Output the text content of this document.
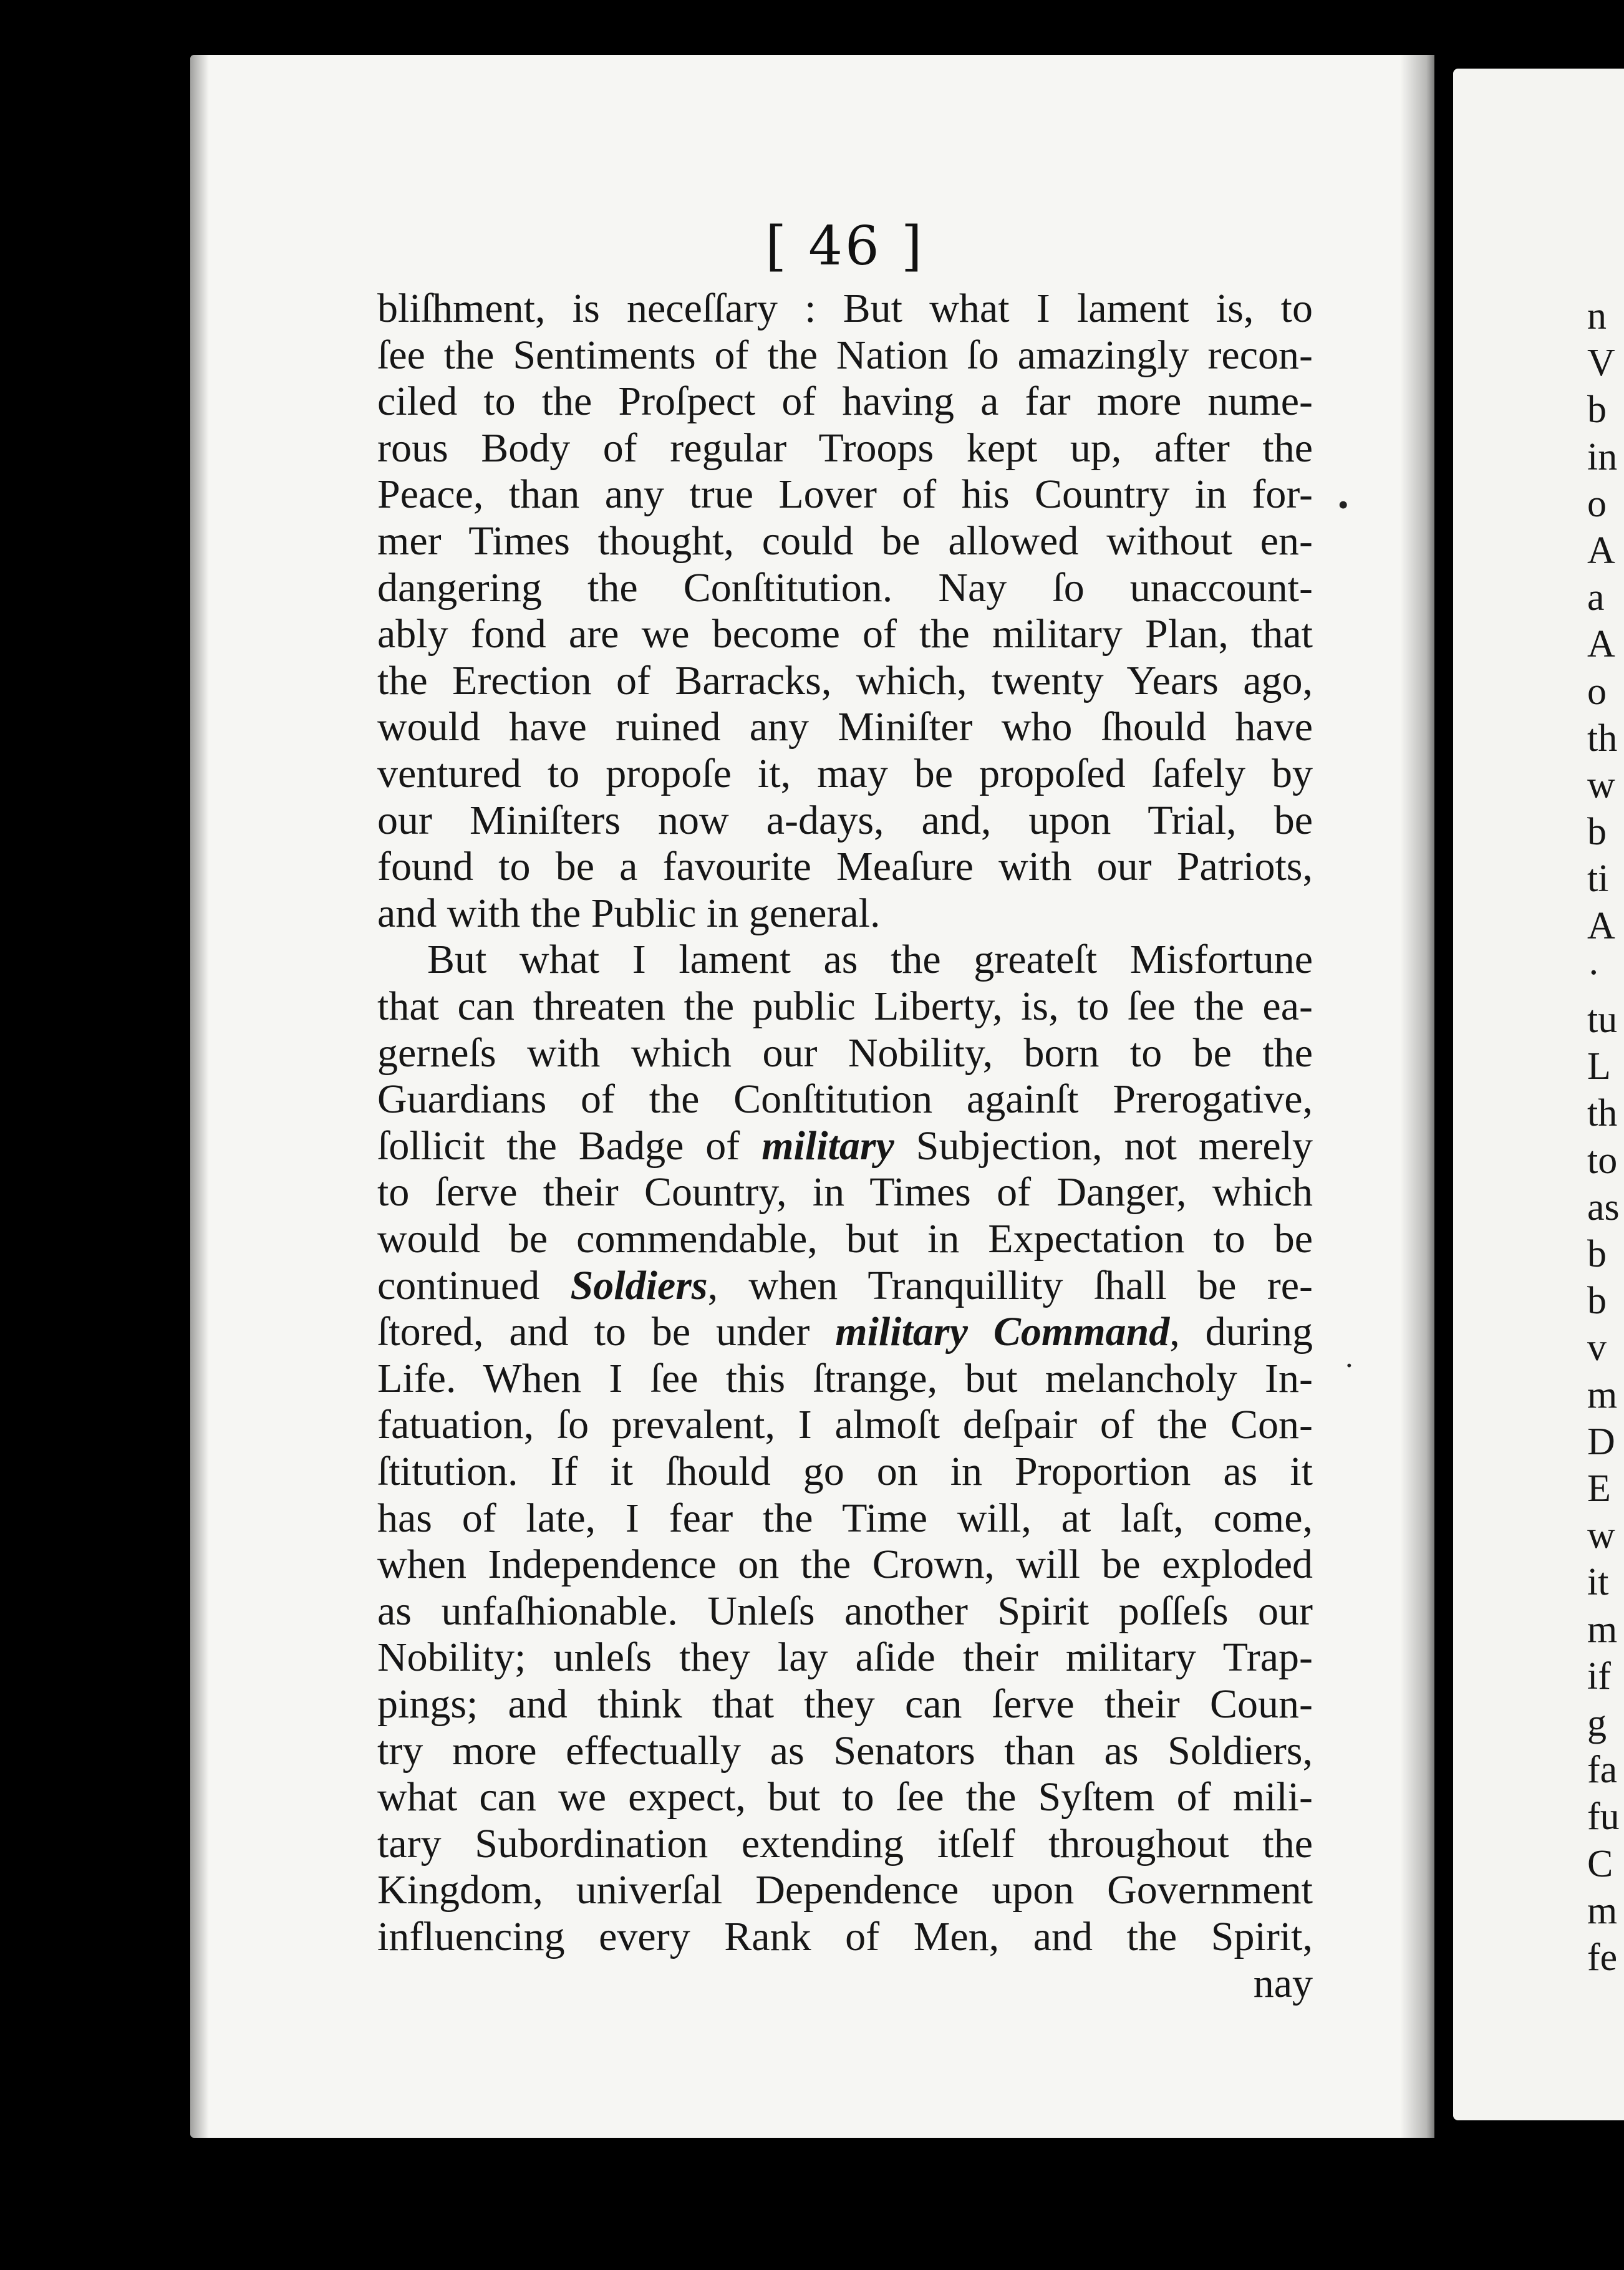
[ 46 ]
bliſhment, is neceſſary : But what I lament is, to
ſee the Sentiments of the Nation ſo amazingly recon-
ciled to the Proſpect of having a far more nume-
rous Body of regular Troops kept up, after the
Peace, than any true Lover of his Country in for-
mer Times thought, could be allowed without en-
dangering the Conſtitution. Nay ſo unaccount-
ably fond are we become of the military Plan, that
the Erection of Barracks, which, twenty Years ago,
would have ruined any Miniſter who ſhould have
ventured to propoſe it, may be propoſed ſafely by
our Miniſters now a-days, and, upon Trial, be
found to be a favourite Meaſure with our Patriots,
and with the Public in general.
But what I lament as the greateſt Misfortune
that can threaten the public Liberty, is, to ſee the ea-
gerneſs with which our Nobility, born to be the
Guardians of the Conſtitution againſt Prerogative,
ſollicit the Badge of military Subjection, not merely
to ſerve their Country, in Times of Danger, which
would be commendable, but in Expectation to be
continued Soldiers, when Tranquillity ſhall be re-
ſtored, and to be under military Command, during
Life. When I ſee this ſtrange, but melancholy In-
fatuation, ſo prevalent, I almoſt deſpair of the Con-
ſtitution. If it ſhould go on in Proportion as it
has of late, I fear the Time will, at laſt, come,
when Independence on the Crown, will be exploded
as unfaſhionable. Unleſs another Spirit poſſeſs our
Nobility; unleſs they lay aſide their military Trap-
pings; and think that they can ſerve their Coun-
try more effectually as Senators than as Soldiers,
what can we expect, but to ſee the Syſtem of mili-
tary Subordination extending itſelf throughout the
Kingdom, univerſal Dependence upon Government
influencing every Rank of Men, and the Spirit,
nay
n
V
b
in
o
A
a
A
o
th
w
b
ti
A
·
tu
L
th
to
as
b
b
v
m
D
E
w
it
m
if
g
fa
fu
C
m
fe
•
·
